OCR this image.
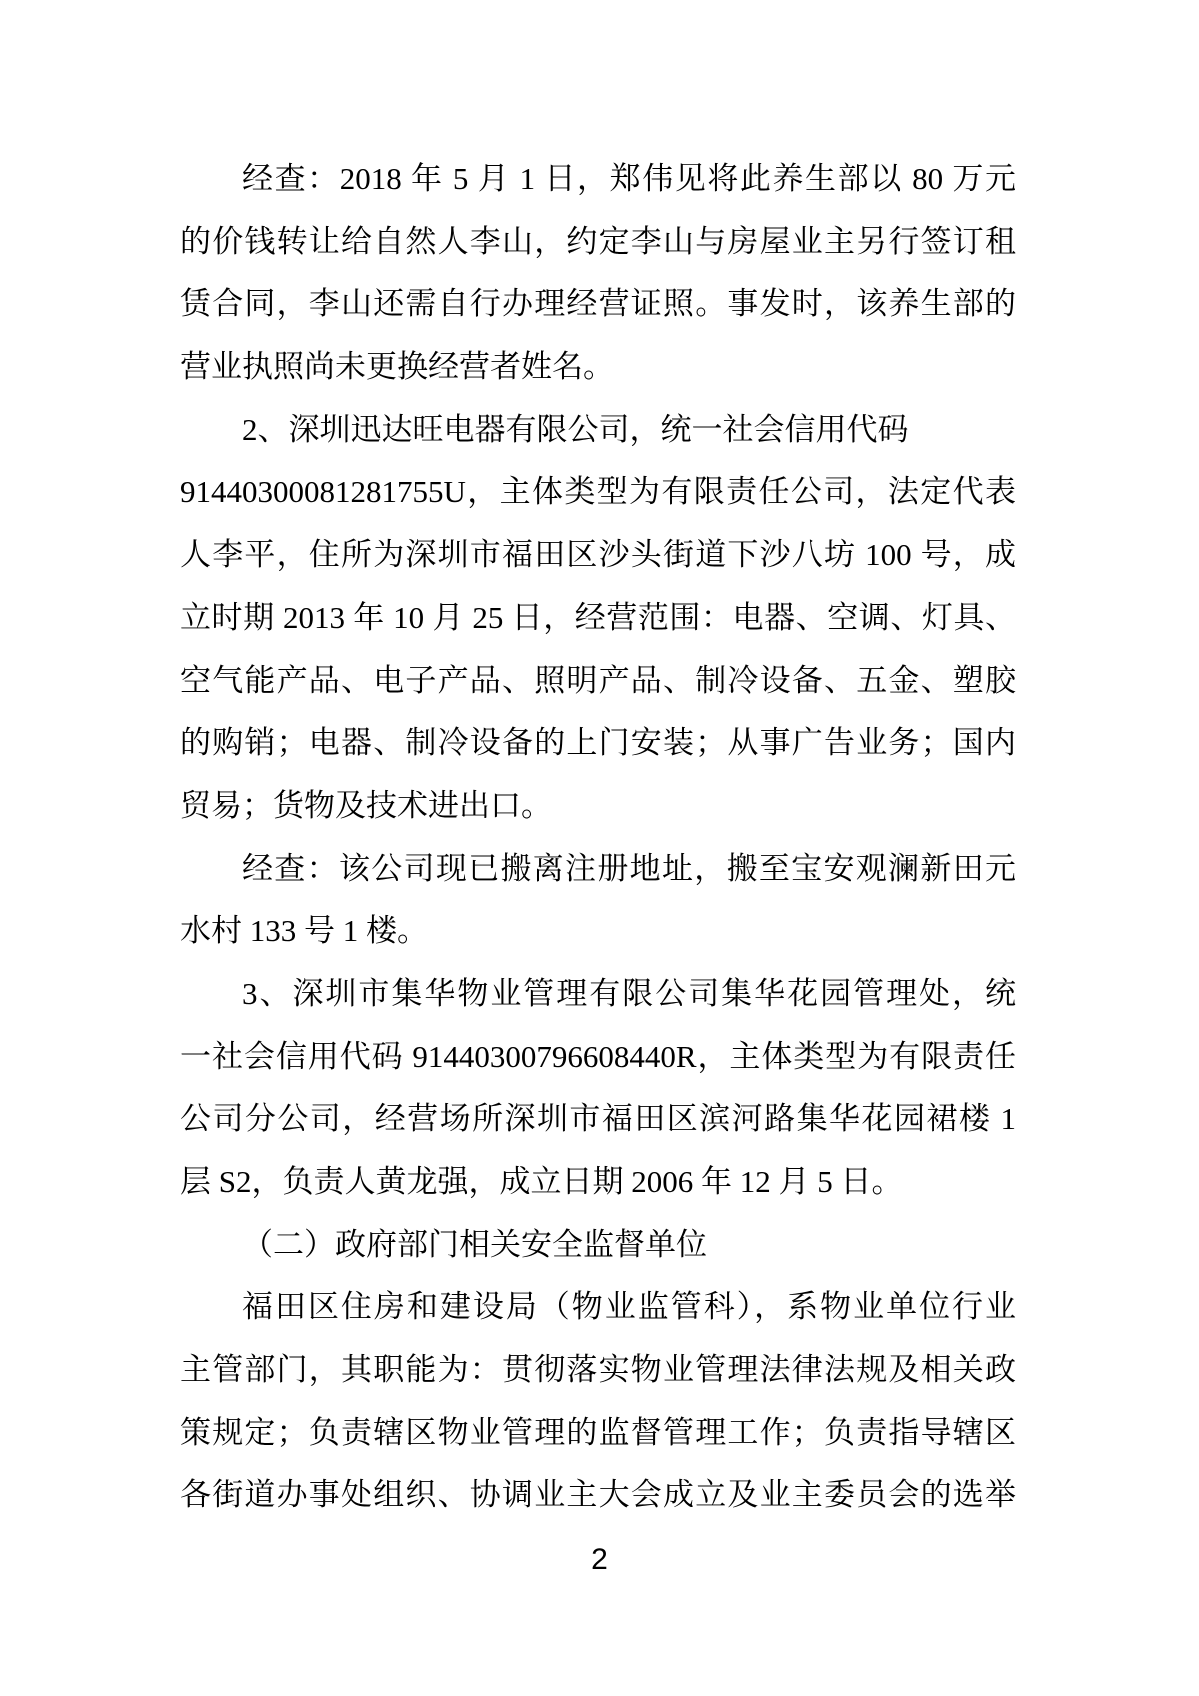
经查：2018 年 5 月 1 日，郑伟见将此养生部以 80 万元
的价钱转让给自然人李山，约定李山与房屋业主另行签订租
赁合同，李山还需自行办理经营证照。事发时，该养生部的
营业执照尚未更换经营者姓名。
2、深圳迅达旺电器有限公司，统一社会信用代码
91440300081281755U，主体类型为有限责任公司，法定代表
人李平，住所为深圳市福田区沙头街道下沙八坊 100 号，成
立时期 2013 年 10 月 25 日，经营范围：电器、空调、灯具、
空气能产品、电子产品、照明产品、制冷设备、五金、塑胶
的购销；电器、制冷设备的上门安装；从事广告业务；国内
贸易；货物及技术进出口。
经查：该公司现已搬离注册地址，搬至宝安观澜新田元
水村 133 号 1 楼。
3、深圳市集华物业管理有限公司集华花园管理处，统
一社会信用代码 91440300796608440R，主体类型为有限责任
公司分公司，经营场所深圳市福田区滨河路集华花园裙楼 1
层 S2，负责人黄龙强，成立日期 2006 年 12 月 5 日。
（二）政府部门相关安全监督单位
福田区住房和建设局（物业监管科），系物业单位行业
主管部门，其职能为：贯彻落实物业管理法律法规及相关政
策规定；负责辖区物业管理的监督管理工作；负责指导辖区
各街道办事处组织、协调业主大会成立及业主委员会的选举
2
